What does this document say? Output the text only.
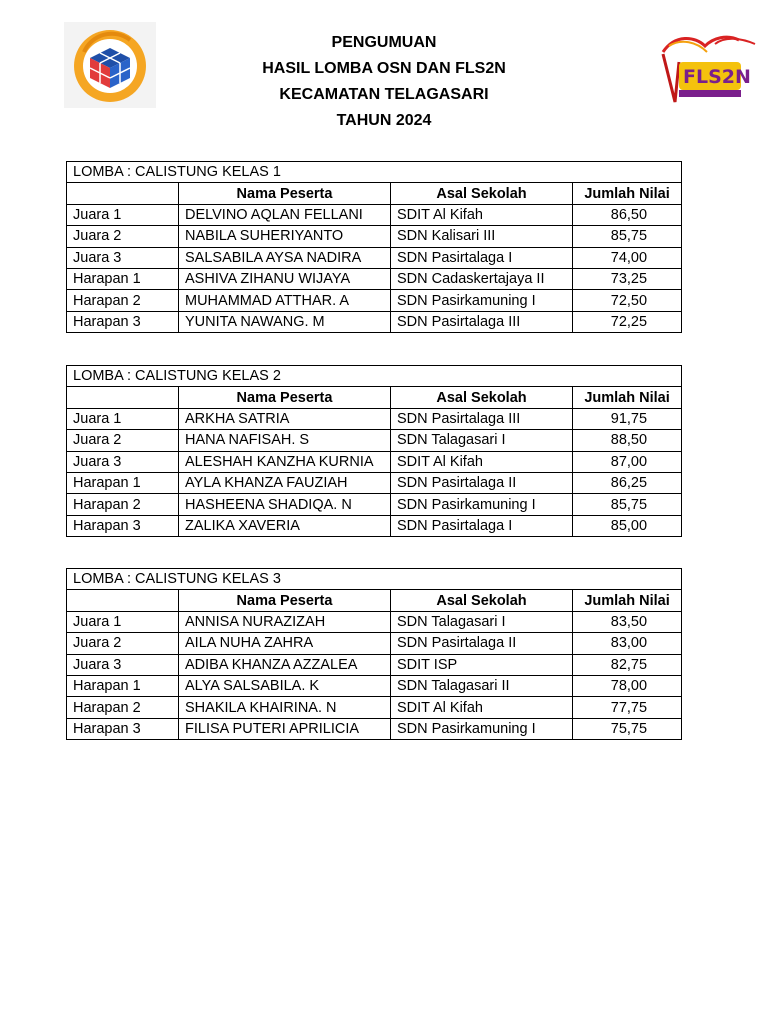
PENGUMUAN
HASIL LOMBA OSN DAN FLS2N
KECAMATAN TELAGASARI
TAHUN 2024
FLS2N
LOMBA : CALISTUNG KELAS 1			
	Nama Peserta	Asal Sekolah	Jumlah Nilai
Juara 1	DELVINO AQLAN FELLANI	SDIT Al Kifah	86,50
Juara 2	NABILA SUHERIYANTO	SDN Kalisari III	85,75
Juara 3	SALSABILA AYSA NADIRA	SDN Pasirtalaga I	74,00
Harapan 1	ASHIVA ZIHANU WIJAYA	SDN Cadaskertajaya II	73,25
Harapan 2	MUHAMMAD ATTHAR. A	SDN Pasirkamuning I	72,50
Harapan 3	YUNITA NAWANG. M	SDN Pasirtalaga III	72,25
LOMBA : CALISTUNG KELAS 2			
	Nama Peserta	Asal Sekolah	Jumlah Nilai
Juara 1	ARKHA SATRIA	SDN Pasirtalaga III	91,75
Juara 2	HANA NAFISAH. S	SDN Talagasari I	88,50
Juara 3	ALESHAH KANZHA KURNIA	SDIT Al Kifah	87,00
Harapan 1	AYLA KHANZA FAUZIAH	SDN Pasirtalaga II	86,25
Harapan 2	HASHEENA SHADIQA. N	SDN Pasirkamuning I	85,75
Harapan 3	ZALIKA XAVERIA	SDN Pasirtalaga I	85,00
LOMBA : CALISTUNG KELAS 3			
	Nama Peserta	Asal Sekolah	Jumlah Nilai
Juara 1	ANNISA NURAZIZAH	SDN Talagasari I	83,50
Juara 2	AILA NUHA ZAHRA	SDN Pasirtalaga II	83,00
Juara 3	ADIBA KHANZA AZZALEA	SDIT ISP	82,75
Harapan 1	ALYA SALSABILA. K	SDN Talagasari II	78,00
Harapan 2	SHAKILA KHAIRINA. N	SDIT Al Kifah	77,75
Harapan 3	FILISA PUTERI APRILICIA	SDN Pasirkamuning I	75,75
